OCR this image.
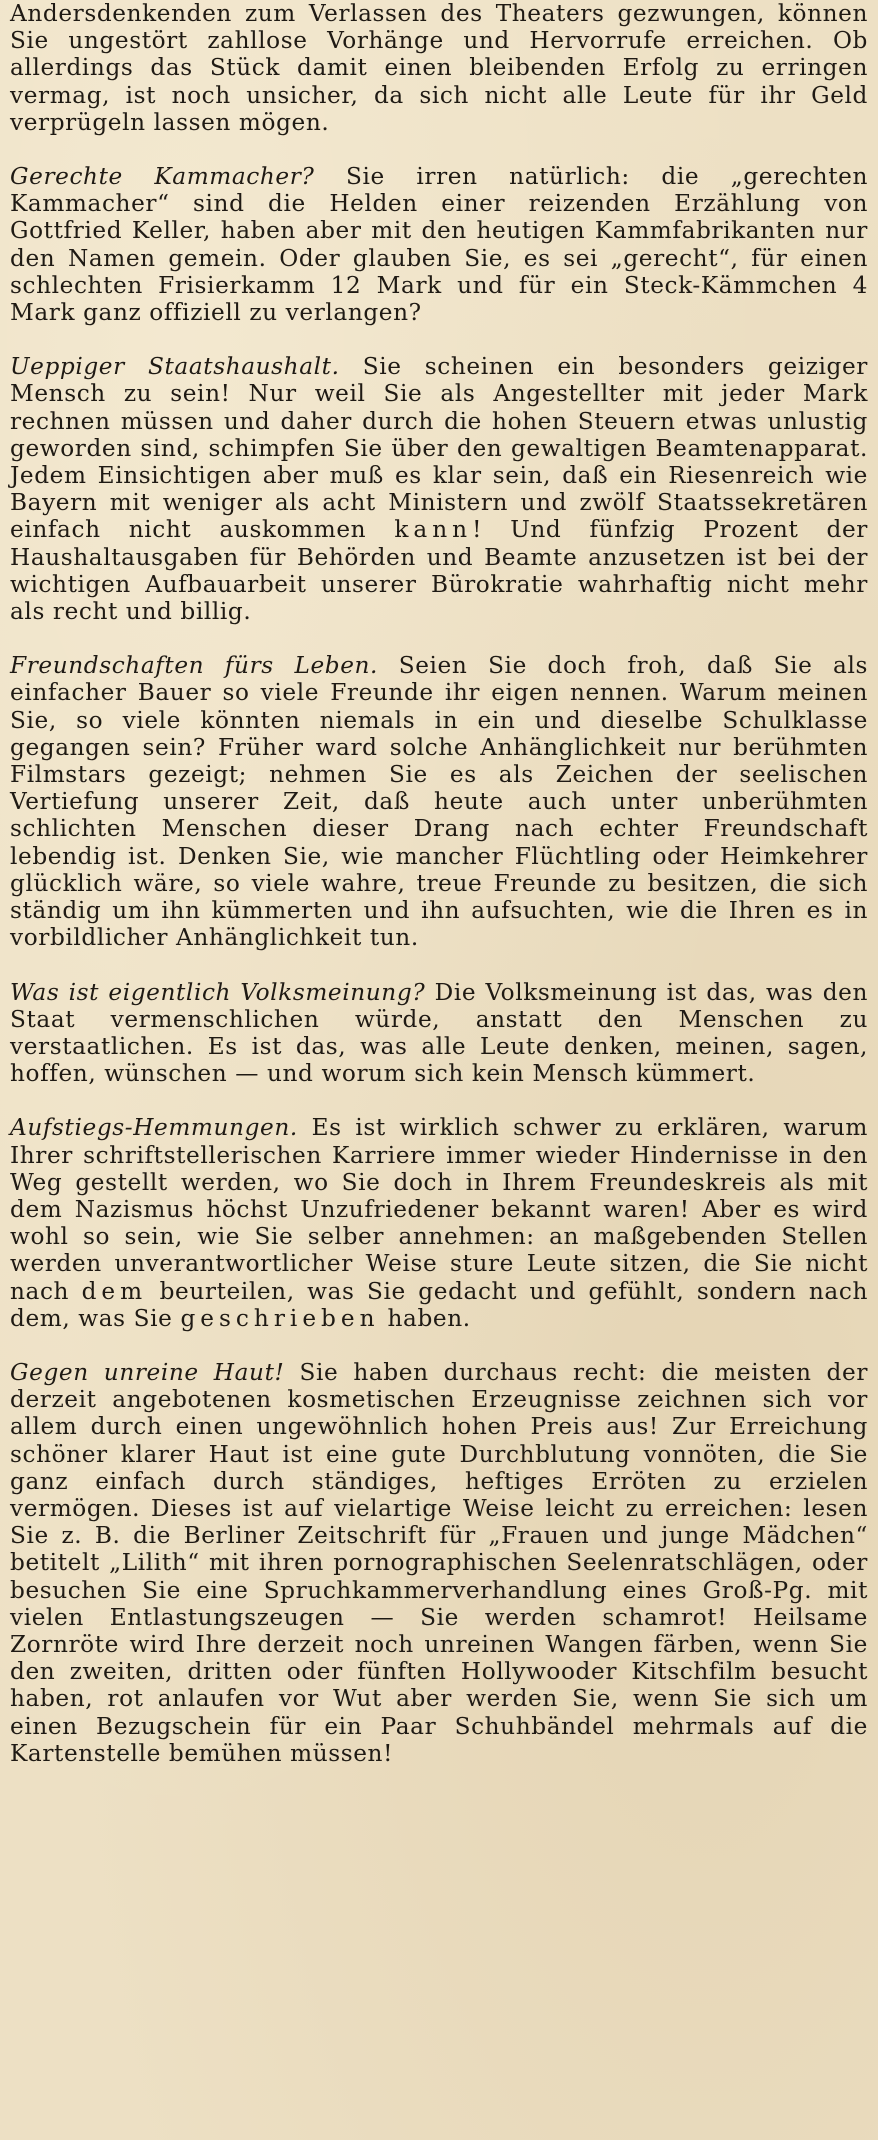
Andersdenkenden zum Verlassen des Theaters gezwungen, können Sie ungestört zahllose Vorhänge und Hervorrufe erreichen. Ob allerdings das Stück damit einen bleibenden Erfolg zu erringen vermag, ist noch unsicher, da sich nicht alle Leute für ihr Geld verprügeln lassen mögen.

Gerechte Kammacher? Sie irren natürlich: die „gerechten Kammacher“ sind die Helden einer reizenden Erzählung von Gottfried Keller, haben aber mit den heutigen Kammfabrikanten nur den Namen gemein. Oder glauben Sie, es sei „gerecht“, für einen schlechten Frisierkamm 12 Mark und für ein Steck-Kämmchen 4 Mark ganz offiziell zu verlangen?

Ueppiger Staatshaushalt. Sie scheinen ein besonders geiziger Mensch zu sein! Nur weil Sie als Angestellter mit jeder Mark rechnen müssen und daher durch die hohen Steuern etwas unlustig geworden sind, schimpfen Sie über den gewaltigen Beamtenapparat. Jedem Einsichtigen aber muß es klar sein, daß ein Riesenreich wie Bayern mit weniger als acht Ministern und zwölf Staatssekretären einfach nicht auskommen kann! Und fünfzig Prozent der Haushaltausgaben für Behörden und Beamte anzusetzen ist bei der wichtigen Aufbauarbeit unserer Bürokratie wahrhaftig nicht mehr als recht und billig.

Freundschaften fürs Leben. Seien Sie doch froh, daß Sie als einfacher Bauer so viele Freunde ihr eigen nennen. Warum meinen Sie, so viele könnten niemals in ein und dieselbe Schulklasse gegangen sein? Früher ward solche Anhänglichkeit nur berühmten Filmstars gezeigt; nehmen Sie es als Zeichen der seelischen Vertiefung unserer Zeit, daß heute auch unter unberühmten schlichten Menschen dieser Drang nach echter Freundschaft lebendig ist. Denken Sie, wie mancher Flüchtling oder Heimkehrer glücklich wäre, so viele wahre, treue Freunde zu besitzen, die sich ständig um ihn kümmerten und ihn aufsuchten, wie die Ihren es in vorbildlicher Anhänglichkeit tun.

Was ist eigentlich Volksmeinung? Die Volksmeinung ist das, was den Staat vermenschlichen würde, anstatt den Menschen zu verstaatlichen. Es ist das, was alle Leute denken, meinen, sagen, hoffen, wünschen — und worum sich kein Mensch kümmert.

Aufstiegs-Hemmungen. Es ist wirklich schwer zu erklären, warum Ihrer schriftstellerischen Karriere immer wieder Hindernisse in den Weg gestellt werden, wo Sie doch in Ihrem Freundeskreis als mit dem Nazismus höchst Unzufriedener bekannt waren! Aber es wird wohl so sein, wie Sie selber annehmen: an maßgebenden Stellen werden unverantwortlicher Weise sture Leute sitzen, die Sie nicht nach dem beurteilen, was Sie gedacht und gefühlt, sondern nach dem, was Sie geschrieben haben.

Gegen unreine Haut! Sie haben durchaus recht: die meisten der derzeit angebotenen kosmetischen Erzeugnisse zeichnen sich vor allem durch einen ungewöhnlich hohen Preis aus! Zur Erreichung schöner klarer Haut ist eine gute Durchblutung vonnöten, die Sie ganz einfach durch ständiges, heftiges Erröten zu erzielen vermögen. Dieses ist auf vielartige Weise leicht zu erreichen: lesen Sie z. B. die Berliner Zeitschrift für „Frauen und junge Mädchen“ betitelt „Lilith“ mit ihren pornographischen Seelenratschlägen, oder besuchen Sie eine Spruchkammerverhandlung eines Groß-Pg. mit vielen Entlastungszeugen — Sie werden schamrot! Heilsame Zornröte wird Ihre derzeit noch unreinen Wangen färben, wenn Sie den zweiten, dritten oder fünften Hollywooder Kitschfilm besucht haben, rot anlaufen vor Wut aber werden Sie, wenn Sie sich um einen Bezugschein für ein Paar Schuhbändel mehrmals auf die Kartenstelle bemühen müssen!
